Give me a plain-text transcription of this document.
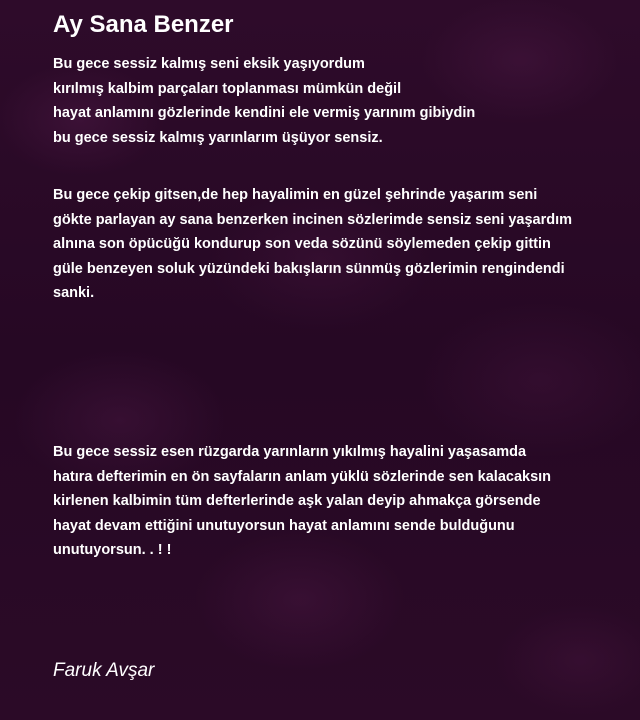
Ay Sana Benzer
Bu gece sessiz kalmış seni eksik yaşıyordum
kırılmış kalbim parçaları toplanması mümkün değil
hayat anlamını gözlerinde kendini ele vermiş yarınım gibiydin
bu gece sessiz kalmış yarınlarım üşüyor sensiz.
Bu gece çekip gitsen,de hep hayalimin en güzel şehrinde yaşarım seni
gökte parlayan ay sana benzerken incinen sözlerimde sensiz seni yaşardım
alnına son öpücüğü kondurup son veda sözünü söylemeden çekip gittin
güle benzeyen soluk yüzündeki bakışların sünmüş gözlerimin rengindendi
sanki.
Bu gece sessiz esen rüzgarda yarınların yıkılmış hayalini yaşasamda
hatıra defterimin en ön sayfaların anlam yüklü sözlerinde sen kalacaksın
kirlenen kalbimin tüm defterlerinde aşk yalan deyip ahmakça görsende
hayat devam ettiğini unutuyorsun hayat anlamını sende bulduğunu
unutuyorsun. . ! !
Faruk Avşar
